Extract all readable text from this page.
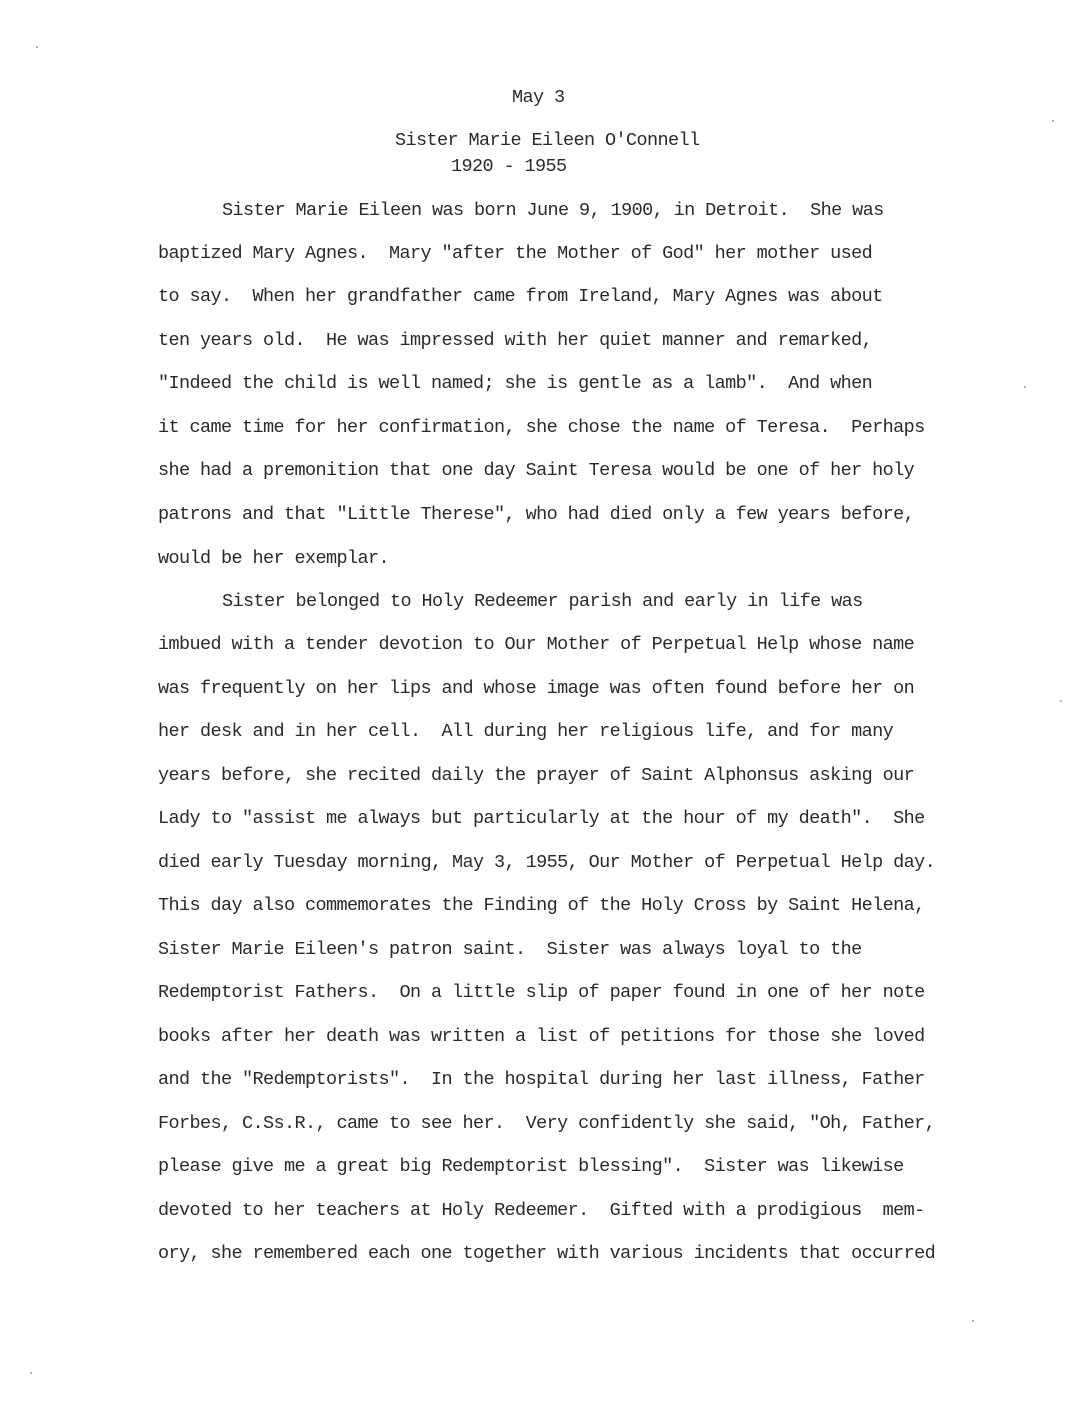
May 3
Sister Marie Eileen O'Connell
1920 - 1955
Sister Marie Eileen was born June 9, 1900, in Detroit.  She was
baptized Mary Agnes.  Mary "after the Mother of God" her mother used
to say.  When her grandfather came from Ireland, Mary Agnes was about
ten years old.  He was impressed with her quiet manner and remarked,
"Indeed the child is well named; she is gentle as a lamb".  And when
it came time for her confirmation, she chose the name of Teresa.  Perhaps
she had a premonition that one day Saint Teresa would be one of her holy
patrons and that "Little Therese", who had died only a few years before,
would be her exemplar.
Sister belonged to Holy Redeemer parish and early in life was
imbued with a tender devotion to Our Mother of Perpetual Help whose name
was frequently on her lips and whose image was often found before her on
her desk and in her cell.  All during her religious life, and for many
years before, she recited daily the prayer of Saint Alphonsus asking our
Lady to "assist me always but particularly at the hour of my death".  She
died early Tuesday morning, May 3, 1955, Our Mother of Perpetual Help day.
This day also commemorates the Finding of the Holy Cross by Saint Helena,
Sister Marie Eileen's patron saint.  Sister was always loyal to the
Redemptorist Fathers.  On a little slip of paper found in one of her note
books after her death was written a list of petitions for those she loved
and the "Redemptorists".  In the hospital during her last illness, Father
Forbes, C.Ss.R., came to see her.  Very confidently she said, "Oh, Father,
please give me a great big Redemptorist blessing".  Sister was likewise
devoted to her teachers at Holy Redeemer.  Gifted with a prodigious  mem-
ory, she remembered each one together with various incidents that occurred
